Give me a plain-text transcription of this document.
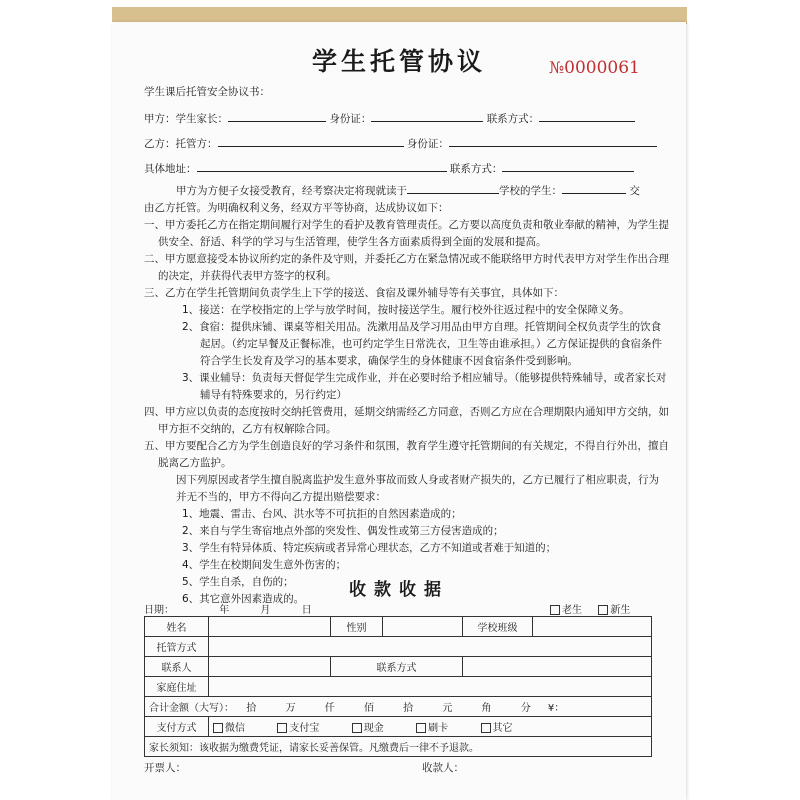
学生托管协议	№0000061
学生课后托管安全协议书：
甲方：学生家长：	身份证：	联系方式：
乙方：托管方：	身份证：
具体地址：	联系方式：

甲方为方便子女接受教育，经考察决定将现就读于	学校的学生：	交

由乙方托管。为明确权利义务，经双方平等协商，达成协议如下：

一、甲方委托乙方在指定期间履行对学生的看护及教育管理责任。乙方要以高度负责和敬业奉献的精神，为学生提供安全、舒适、科学的学习与生活管理，使学生各方面素质得到全面的发展和提高。

二、甲方愿意接受本协议所约定的条件及守则，并委托乙方在紧急情况或不能联络甲方时代表甲方对学生作出合理的决定，并获得代表甲方签字的权利。

三、乙方在学生托管期间负责学生上下学的接送、食宿及课外辅导等有关事宜，具体如下：

1、接送：在学校指定的上学与放学时间，按时接送学生。履行校外往返过程中的安全保障义务。

2、食宿：提供床铺、课桌等相关用品。洗漱用品及学习用品由甲方自理。托管期间全权负责学生的饮食起居。（约定早餐及正餐标准，也可约定学生日常洗衣，卫生等由谁承担。）乙方保证提供的食宿条件符合学生长发育及学习的基本要求，确保学生的身体健康不因食宿条件受到影响。

3、课业辅导：负责每天督促学生完成作业，并在必要时给予相应辅导。（能够提供特殊辅导，或者家长对辅导有特殊要求的，另行约定）

四、甲方应以负责的态度按时交纳托管费用，延期交纳需经乙方同意，否则乙方应在合理期限内通知甲方交纳，如甲方拒不交纳的，乙方有权解除合同。

五、甲方要配合乙方为学生创造良好的学习条件和氛围，教育学生遵守托管期间的有关规定，不得自行外出，擅自脱离乙方监护。

因下列原因或者学生擅自脱离监护发生意外事故而致人身或者财产损失的，乙方已履行了相应职责，行为并无不当的，甲方不得向乙方提出赔偿要求：

1、地震、雷击、台风、洪水等不可抗拒的自然因素造成的；

2、来自与学生寄宿地点外部的突发性、偶发性或第三方侵害造成的；

3、学生有特异体质、特定疾病或者异常心理状态，乙方不知道或者难于知道的；

4、学生在校期间发生意外伤害的；

5、学生自杀，自伤的；

6、其它意外因素造成的。	收款收据
日期：	年	月	日	老生	新生
姓名		性别		学校班级	
托管方式					
联系人		联系方式			
家庭住址					
合计金额（大写）： 拾 万 仟 佰 拾 元 角 分 ¥：					
支付方式	微信 支付宝 现金 刷卡 其它				
家长须知：该收据为缴费凭证，请家长妥善保管。凡缴费后一律不予退款。					
开票人：	收款人：
